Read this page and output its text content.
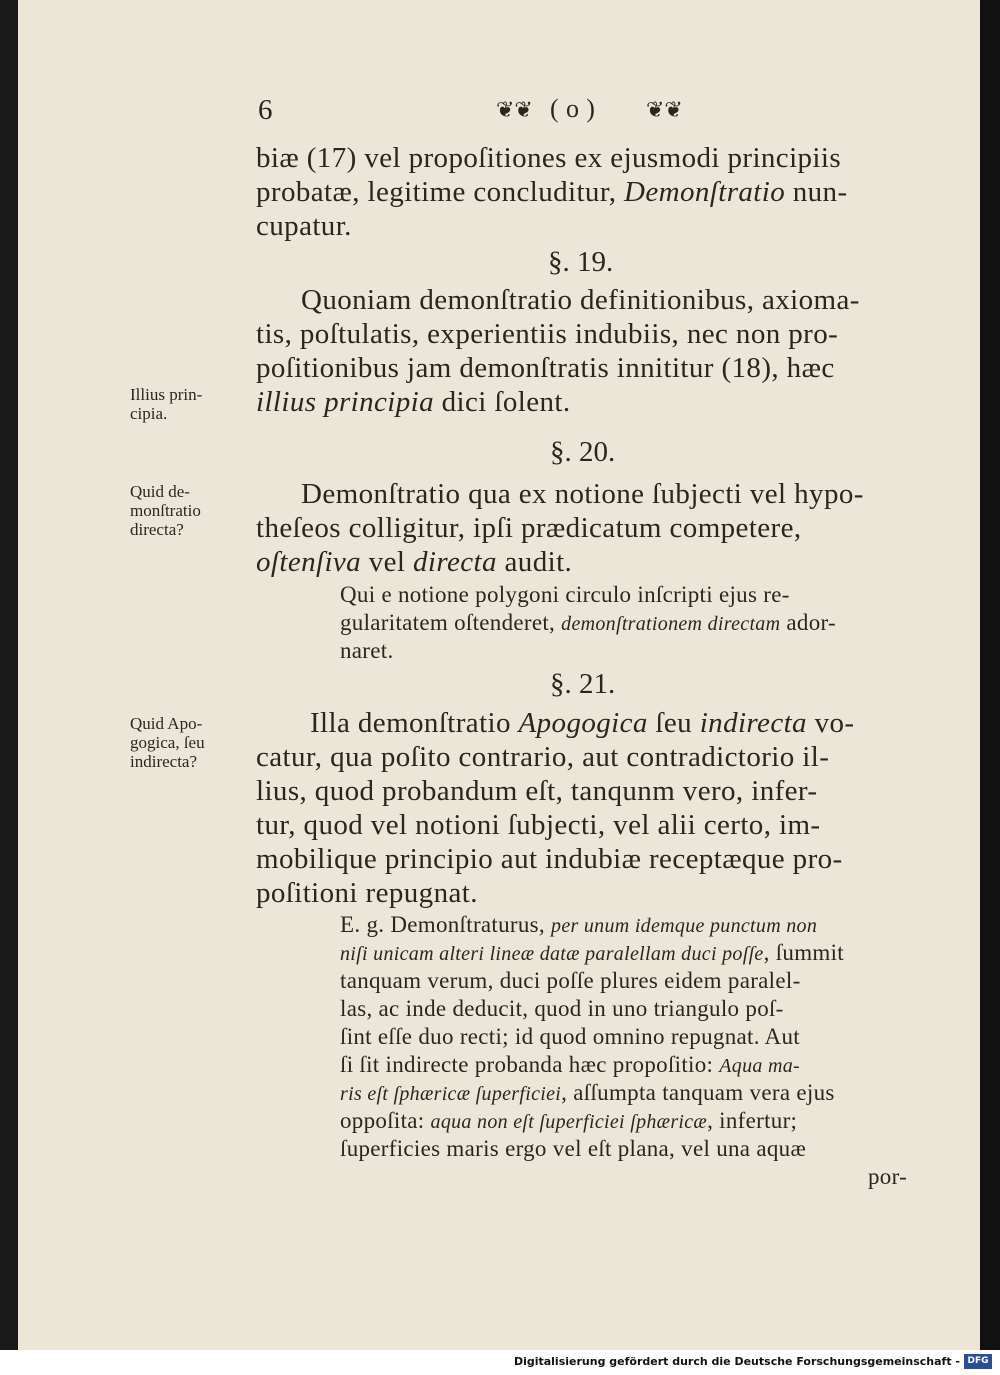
6	❦❦ ( o ) ❦❦
Illius prin-
cipia.
Quid de-
monſtratio
directa?
Quid Apo-
gogica, ſeu
indirecta?
biæ (17) vel propoſitiones ex ejusmodi principiis
probatæ, legitime concluditur, Demonſtratio nun-
cupatur.
§. 19.
Quoniam demonſtratio definitionibus, axioma-
tis, poſtulatis, experientiis indubiis, nec non pro-
poſitionibus jam demonſtratis innititur (18), hæc
illius principia dici ſolent.
§. 20.
Demonſtratio qua ex notione ſubjecti vel hypo-
theſeos colligitur, ipſi prædicatum competere,
oſtenſiva vel directa audit.
Qui e notione polygoni circulo inſcripti ejus re-
gularitatem oſtenderet, demonſtrationem directam ador-
naret.
§. 21.
Illa demonſtratio Apogogica ſeu indirecta vo-
catur, qua poſito contrario, aut contradictorio il-
lius, quod probandum eſt, tanqunm vero, infer-
tur, quod vel notioni ſubjecti, vel alii certo, im-
mobilique principio aut indubiæ receptæque pro-
poſitioni repugnat.
E. g. Demonſtraturus, per unum idemque punctum non
niſi unicam alteri lineæ datæ paralellam duci poſſe, ſummit
tanquam verum, duci poſſe plures eidem paralel-
las, ac inde deducit, quod in uno triangulo poſ-
ſint eſſe duo recti; id quod omnino repugnat. Aut
ſi ſit indirecte probanda hæc propoſitio: Aqua ma-
ris eſt ſphæricæ ſuperficiei, aſſumpta tanquam vera ejus
oppoſita: aqua non eſt ſuperficiei ſphæricæ, infertur;
ſuperficies maris ergo vel eſt plana, vel una aquæ
por-
Digitalisierung gefördert durch die Deutsche Forschungsgemeinschaft - DFG
